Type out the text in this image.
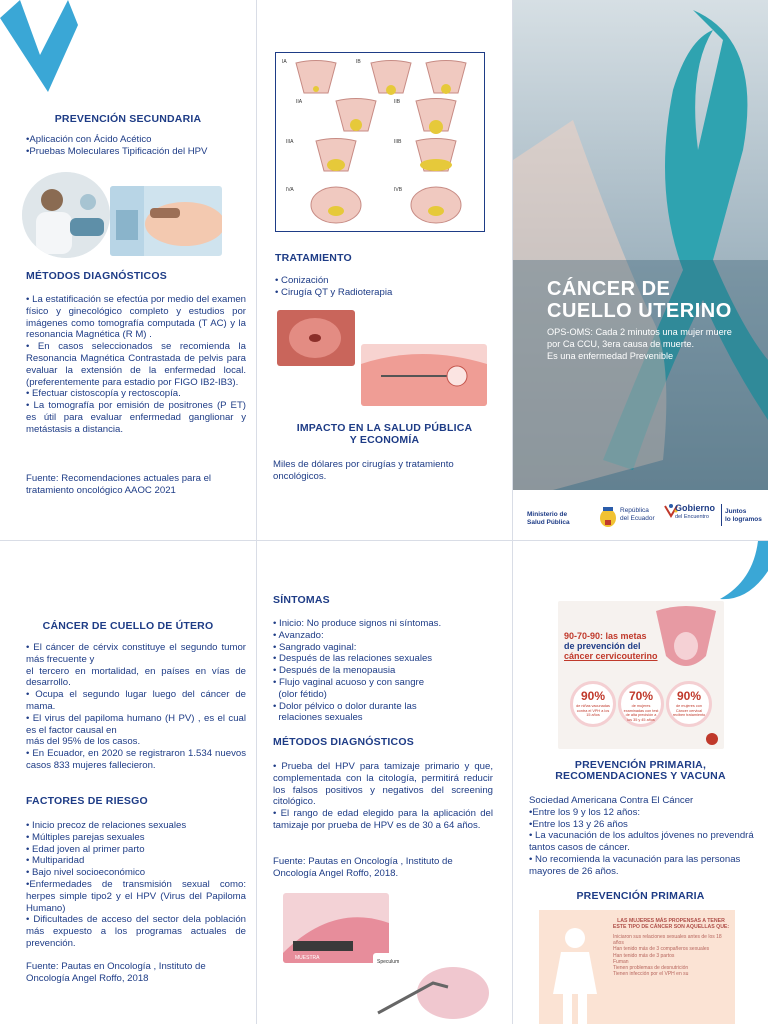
PREVENCIÓN SECUNDARIA

•Aplicación con Ácido Acético

•Pruebas Moleculares Tipificación del HPV

MÉTODOS DIAGNÓSTICOS

• La estatificación se efectúa por medio del examen físico y ginecológico completo y estudios por imágenes como tomografía computada (T AC) y la resonancia Magnética (R M) .

• En casos seleccionados se recomienda la Resonancia Magnética Contrastada de pelvis para evaluar la extensión de la enfermedad local. (preferentemente para estadio por FIGO IB2-IB3).

• Efectuar cistoscopía y rectoscopía.

• La tomografía por emisión de positrones (P ET) es útil para evaluar enfermedad ganglionar y metástasis a distancia.

Fuente: Recomendaciones actuales para el tratamiento oncológico AAOC 2021

IA	IB
IIA	IIB
IIIA	IIIB
IVA	IVB
TRATAMIENTO

• Conización

• Cirugía QT y Radioterapia

IMPACTO EN LA SALUD PÚBLICA
Y ECONOMÍA

Miles de dólares por cirugías y tratamiento oncológicos.

CÁNCER DE
CUELLO UTERINO

OPS-OMS: Cada 2 minutos una mujer muere

por Ca CCU, 3era causa de muerte.

Es una enfermedad Prevenible

Ministerio de
Salud Pública
República
del Ecuador
Gobierno
del Encuentro
Juntos
lo logramos
CÁNCER DE CUELLO DE ÚTERO

• El cáncer de cérvix constituye el segundo tumor más frecuente y

el tercero en mortalidad, en países en vías de desarrollo.

• Ocupa el segundo lugar luego del cáncer de mama.

• El virus del papiloma humano (H PV) , es el cual es el factor causal en

más del 95% de los casos.

• En Ecuador, en 2020 se registraron 1.534 nuevos casos 833 mujeres fallecieron.

FACTORES DE RIESGO

• Inicio precoz de relaciones sexuales

• Múltiples parejas sexuales

• Edad joven al primer parto

• Multiparidad

• Bajo nivel socioeconómico

•Enfermedades de transmisión sexual como: herpes simple tipo2 y el HPV (Virus del Papiloma Humano)

• Dificultades de acceso del sector dela población más expuesto a los programas actuales de prevención.

Fuente: Pautas en Oncología , Instituto de Oncología Angel Roffo, 2018

SÍNTOMAS

• Inicio: No produce signos ni síntomas.

• Avanzado:

• Sangrado vaginal:

• Después de las relaciones sexuales

• Después de la menopausia

• Flujo vaginal acuoso y con sangre

(olor fétido)

• Dolor pélvico o dolor durante las

relaciones sexuales

MÉTODOS DIAGNÓSTICOS

• Prueba del HPV para tamizaje primario y que, complementada con la citología, permitirá reducir los falsos positivos y negativos del screening citológico.

• El rango de edad elegido para la aplicación del tamizaje por prueba de HPV es de 30 a 64 años.

Fuente: Pautas en Oncología , Instituto de Oncología Angel Roffo, 2018.

MUESTRA
Speculum
90-70-90: las metas
de prevención del
cáncer cervicouterino
90%	70%	90%
de niñas vacunadas contra el VPH a los 15 años
de mujeres examinadas con test de alta precisión a los 35 y 45 años
de mujeres con Cáncer cervical reciben tratamiento
PREVENCIÓN PRIMARIA,
RECOMENDACIONES Y VACUNA

Sociedad Americana Contra El Cáncer

•Entre los 9 y los 12 años:

•Entre los 13 y 26 años

• La vacunación de los adultos jóvenes no prevendrá tantos casos de cáncer.

• No recomienda la vacunación para las personas mayores de 26 años.

PREVENCIÓN PRIMARIA
LAS MUJERES MÁS PROPENSAS A TENER
ESTE TIPO DE CÁNCER SON AQUELLAS QUE:
Iniciaron sus relaciones sexuales antes de los 18 años
Han tenido más de 3 compañeros sexuales
Han tenido más de 3 partos
Fuman
Tienen problemas de desnutrición
Tienen infección por el VPH en su
